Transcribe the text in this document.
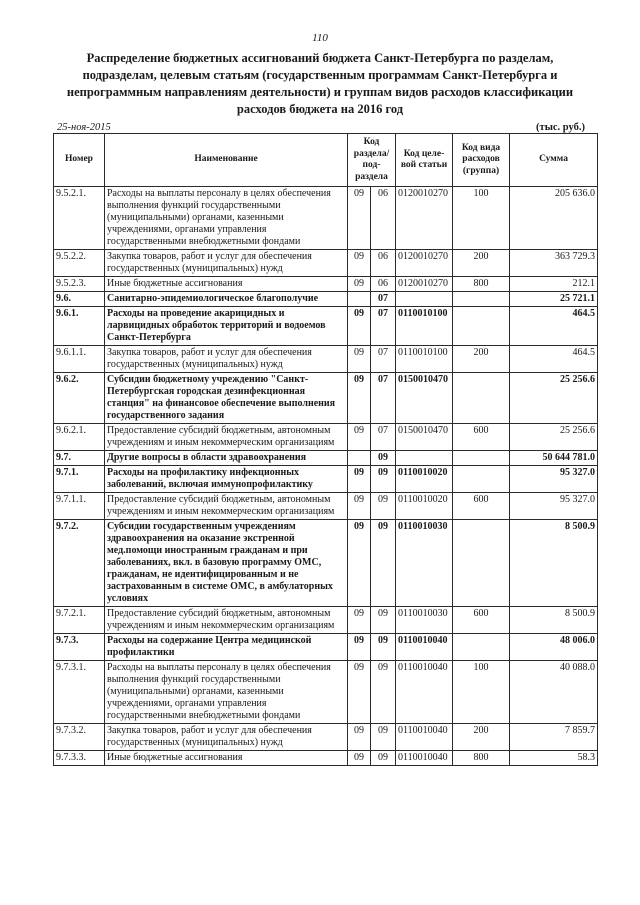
110
Распределение бюджетных ассигнований бюджета Санкт-Петербурга по разделам, подразделам, целевым статьям (государственным программам Санкт-Петербурга и непрограммным направлениям деятельности) и группам видов расходов классификации расходов бюджета на 2016 год
25-ноя-2015	(тыс. руб.)
Номер	Наименование	Код раздела/ под-раздела		Код целе-вой статьи	Код вида расходов (группа)	Сумма
9.5.2.1.	Расходы на выплаты персоналу в целях обеспечения выполнения функций государственными (муниципальными) органами, казенными учреждениями, органами управления государственными внебюджетными фондами	09	06	0120010270	100	205 636.0
9.5.2.2.	Закупка товаров, работ и услуг для обеспечения государственных (муниципальных) нужд	09	06	0120010270	200	363 729.3
9.5.2.3.	Иные бюджетные ассигнования	09	06	0120010270	800	212.1
9.6.	Санитарно-эпидемиологическое благополучие		07			25 721.1
9.6.1.	Расходы на проведение акарицидных и ларвицидных обработок территорий и водоемов Санкт-Петербурга	09	07	0110010100		464.5
9.6.1.1.	Закупка товаров, работ и услуг для обеспечения государственных (муниципальных) нужд	09	07	0110010100	200	464.5
9.6.2.	Субсидии бюджетному учреждению "Санкт-Петербургская городская дезинфекционная станция" на финансовое обеспечение выполнения государственного задания	09	07	0150010470		25 256.6
9.6.2.1.	Предоставление субсидий бюджетным, автономным учреждениям и иным некоммерческим организациям	09	07	0150010470	600	25 256.6
9.7.	Другие вопросы в области здравоохранения		09			50 644 781.0
9.7.1.	Расходы на профилактику инфекционных заболеваний, включая иммунопрофилактику	09	09	0110010020		95 327.0
9.7.1.1.	Предоставление субсидий бюджетным, автономным учреждениям и иным некоммерческим организациям	09	09	0110010020	600	95 327.0
9.7.2.	Субсидии государственным учреждениям здравоохранения на оказание экстренной мед.помощи иностранным гражданам и при заболеваниях, вкл. в базовую программу ОМС, гражданам, не идентифицированным и не застрахованным в системе ОМС, в амбулаторных условиях	09	09	0110010030		8 500.9
9.7.2.1.	Предоставление субсидий бюджетным, автономным учреждениям и иным некоммерческим организациям	09	09	0110010030	600	8 500.9
9.7.3.	Расходы на содержание Центра медицинской профилактики	09	09	0110010040		48 006.0
9.7.3.1.	Расходы на выплаты персоналу в целях обеспечения выполнения функций государственными (муниципальными) органами, казенными учреждениями, органами управления государственными внебюджетными фондами	09	09	0110010040	100	40 088.0
9.7.3.2.	Закупка товаров, работ и услуг для обеспечения государственных (муниципальных) нужд	09	09	0110010040	200	7 859.7
9.7.3.3.	Иные бюджетные ассигнования	09	09	0110010040	800	58.3
